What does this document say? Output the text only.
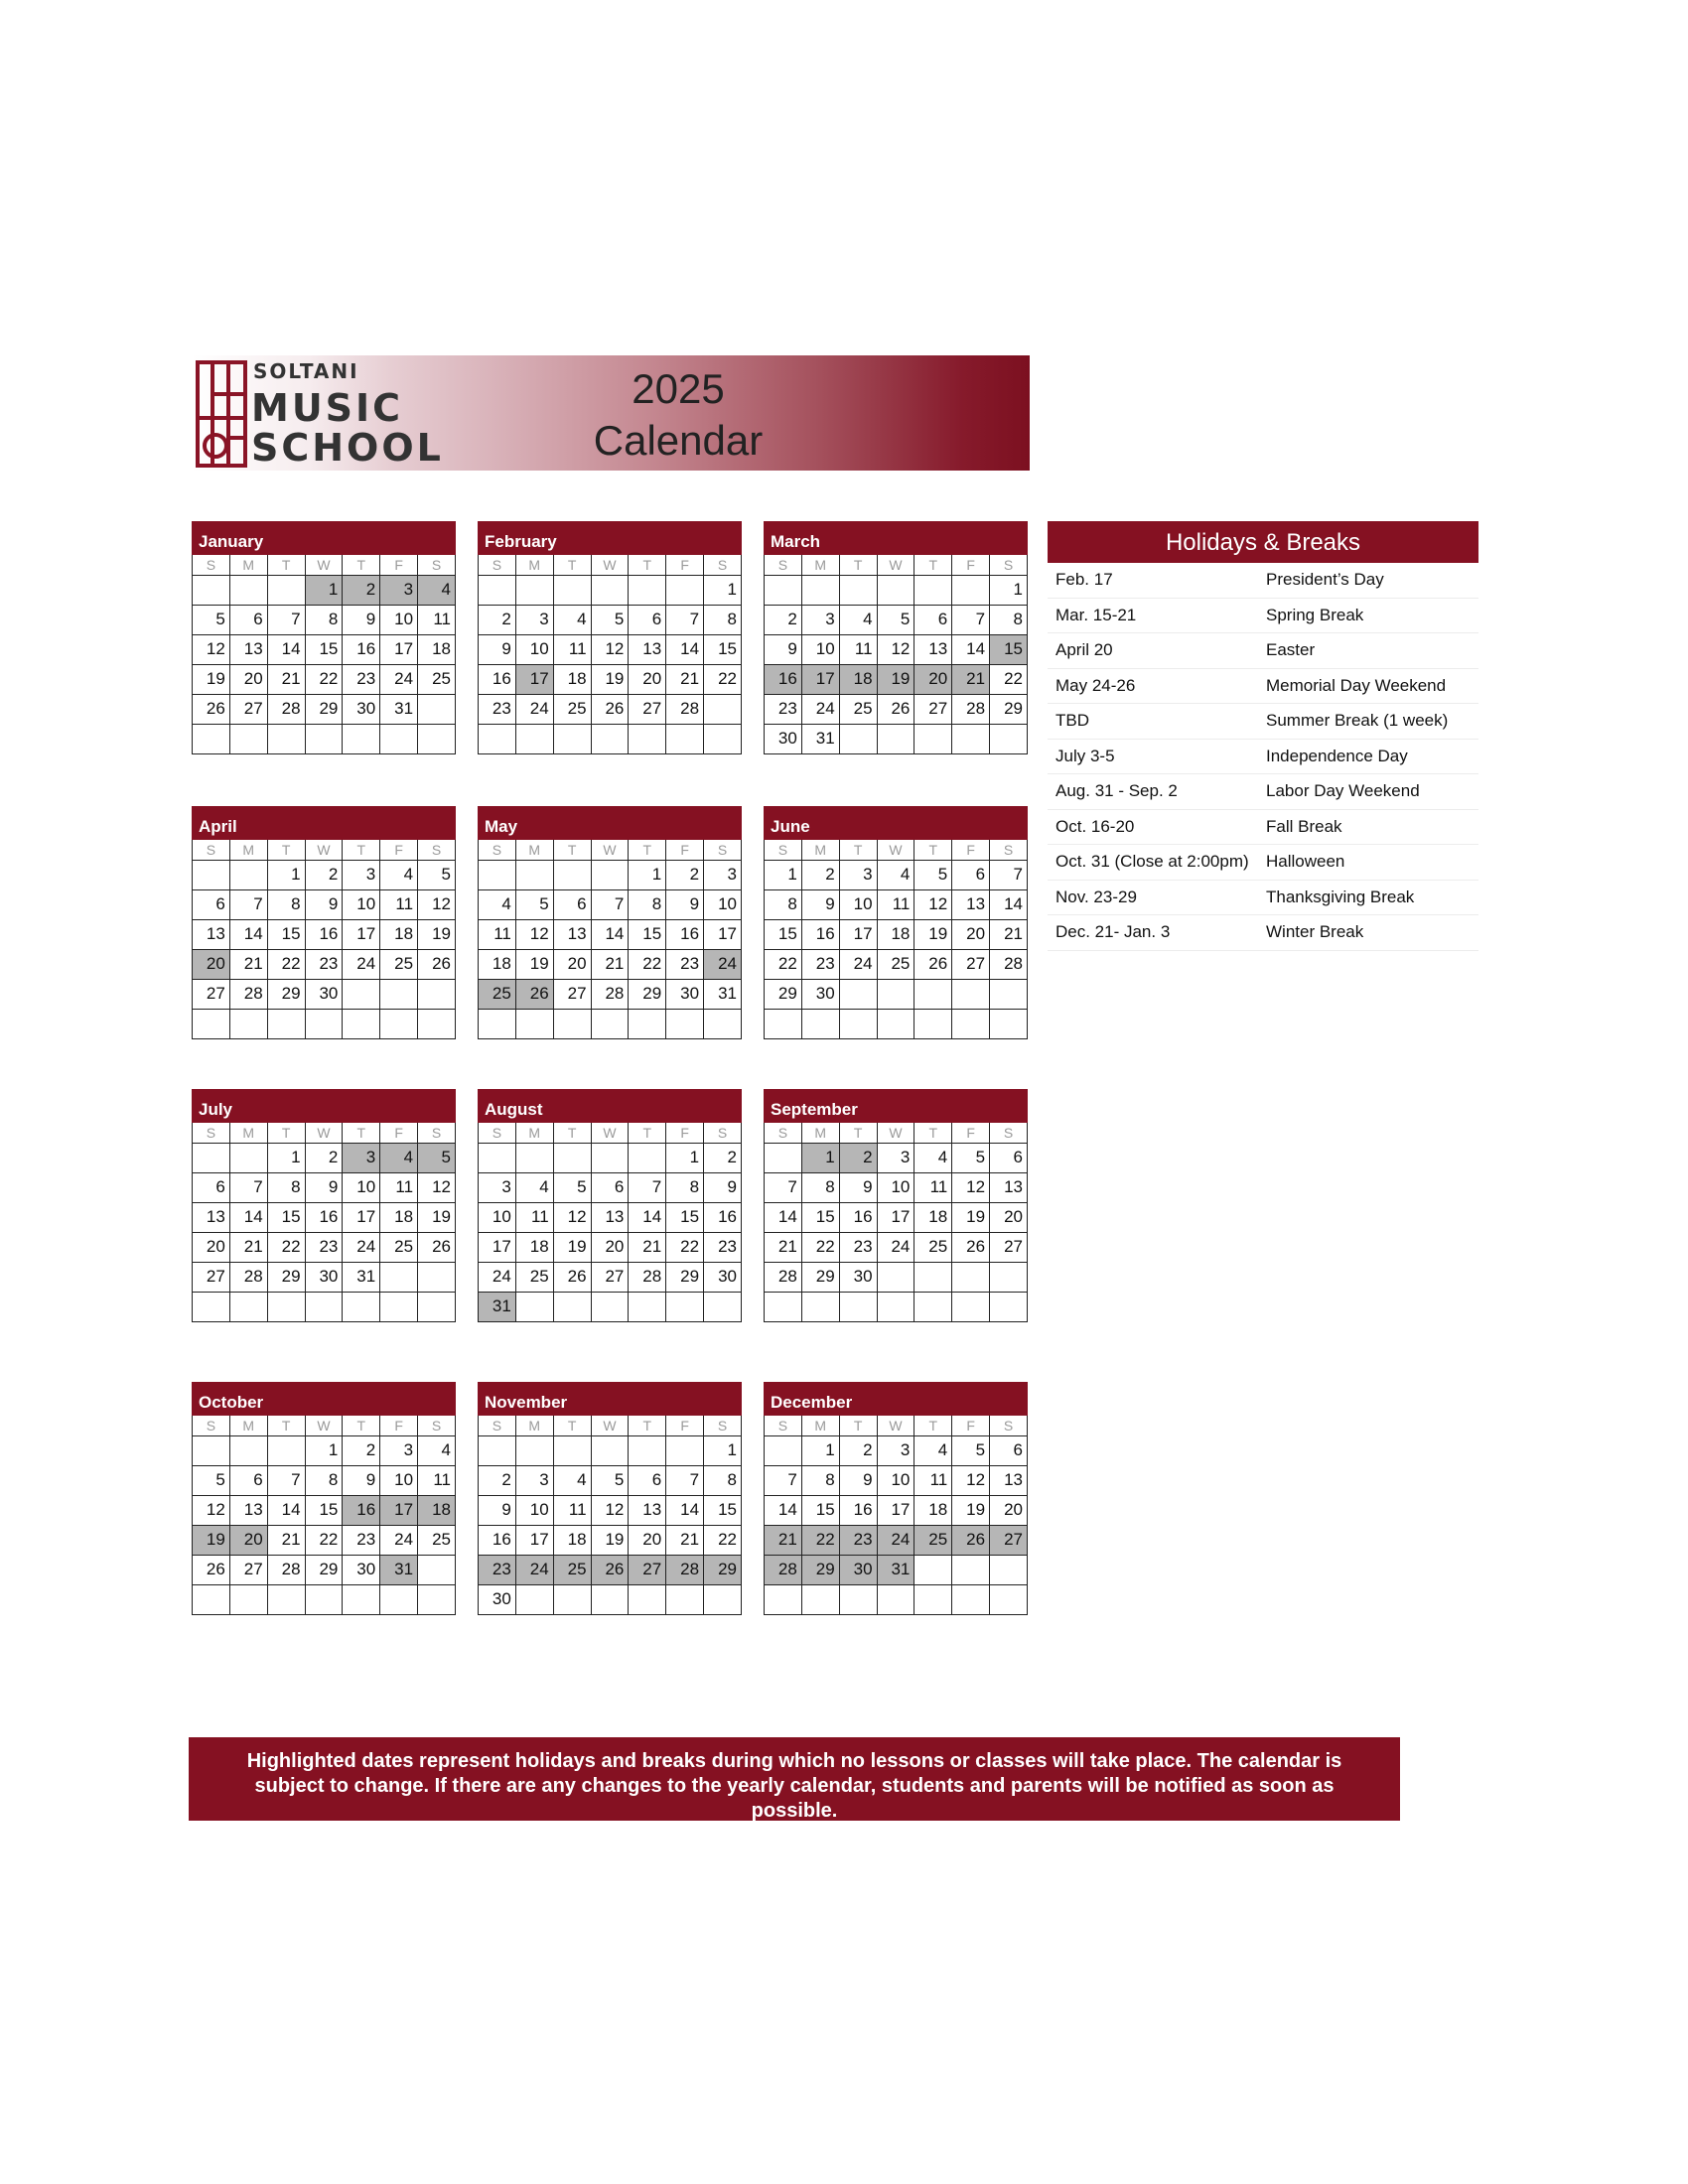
SOLTANI
MUSIC
SCHOOL
2025
Calendar
January
S	M	T	W	T	F	S
			1	2	3	4
5	6	7	8	9	10	11
12	13	14	15	16	17	18
19	20	21	22	23	24	25
26	27	28	29	30	31	

February
S	M	T	W	T	F	S
						1
2	3	4	5	6	7	8
9	10	11	12	13	14	15
16	17	18	19	20	21	22
23	24	25	26	27	28	

March
S	M	T	W	T	F	S
						1
2	3	4	5	6	7	8
9	10	11	12	13	14	15
16	17	18	19	20	21	22
23	24	25	26	27	28	29
30	31					
April
S	M	T	W	T	F	S
		1	2	3	4	5
6	7	8	9	10	11	12
13	14	15	16	17	18	19
20	21	22	23	24	25	26
27	28	29	30			

May
S	M	T	W	T	F	S
				1	2	3
4	5	6	7	8	9	10
11	12	13	14	15	16	17
18	19	20	21	22	23	24
25	26	27	28	29	30	31

June
S	M	T	W	T	F	S
1	2	3	4	5	6	7
8	9	10	11	12	13	14
15	16	17	18	19	20	21
22	23	24	25	26	27	28
29	30					

July
S	M	T	W	T	F	S
		1	2	3	4	5
6	7	8	9	10	11	12
13	14	15	16	17	18	19
20	21	22	23	24	25	26
27	28	29	30	31		

August
S	M	T	W	T	F	S
					1	2
3	4	5	6	7	8	9
10	11	12	13	14	15	16
17	18	19	20	21	22	23
24	25	26	27	28	29	30
31						
September
S	M	T	W	T	F	S
	1	2	3	4	5	6
7	8	9	10	11	12	13
14	15	16	17	18	19	20
21	22	23	24	25	26	27
28	29	30				

October
S	M	T	W	T	F	S
			1	2	3	4
5	6	7	8	9	10	11
12	13	14	15	16	17	18
19	20	21	22	23	24	25
26	27	28	29	30	31	

November
S	M	T	W	T	F	S
						1
2	3	4	5	6	7	8
9	10	11	12	13	14	15
16	17	18	19	20	21	22
23	24	25	26	27	28	29
30						
December
S	M	T	W	T	F	S
	1	2	3	4	5	6
7	8	9	10	11	12	13
14	15	16	17	18	19	20
21	22	23	24	25	26	27
28	29	30	31			

Holidays & Breaks
Feb. 17	President’s Day
Mar. 15-21	Spring Break
April 20	Easter
May 24-26	Memorial Day Weekend
TBD	Summer Break (1 week)
July 3-5	Independence Day
Aug. 31 - Sep. 2	Labor Day Weekend
Oct. 16-20	Fall Break
Oct. 31 (Close at 2:00pm) Halloween
Nov. 23-29	Thanksgiving Break
Dec. 21- Jan. 3	Winter Break
Highlighted dates represent holidays and breaks during which no lessons or classes will take place. The calendar is subject to change. If there are any changes to the yearly calendar, students and parents will be notified as soon as possible.
